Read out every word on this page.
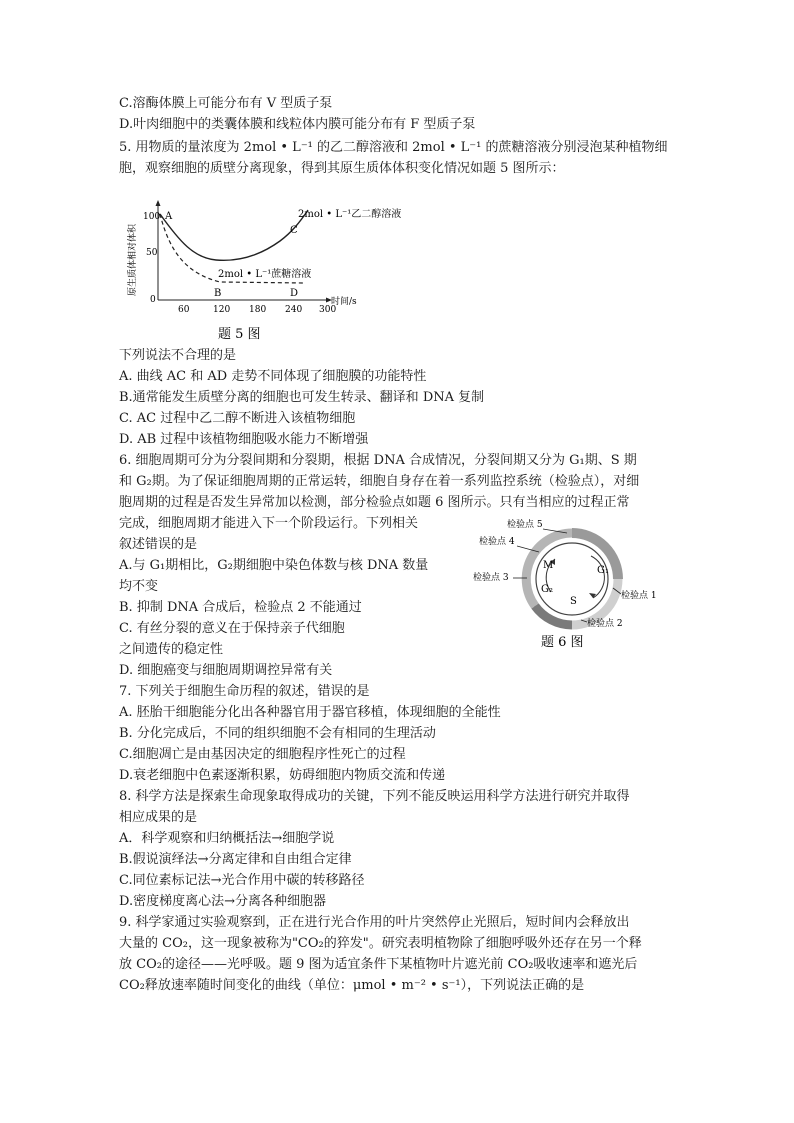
C.溶酶体膜上可能分布有 V 型质子泵
D.叶肉细胞中的类囊体膜和线粒体内膜可能分布有 F 型质子泵
5. 用物质的量浓度为 2mol • L⁻¹ 的乙二醇溶液和 2mol • L⁻¹ 的蔗糖溶液分别浸泡某种植物细
胞，观察细胞的质壁分离现象，得到其原生质体体积变化情况如题 5 图所示：
原生质体相对体积
100
50
0
60	120 180 240 300
时间/s
A
B
C
D
2mol • L⁻¹乙二醇溶液
2mol • L⁻¹蔗糖溶液
题 5 图
下列说法不合理的是
A. 曲线 AC 和 AD 走势不同体现了细胞膜的功能特性
B.通常能发生质壁分离的细胞也可发生转录、翻译和 DNA 复制
C. AC 过程中乙二醇不断进入该植物细胞
D. AB 过程中该植物细胞吸水能力不断增强
6. 细胞周期可分为分裂间期和分裂期，根据 DNA 合成情况，分裂间期又分为 G₁期、S 期
和 G₂期。为了保证细胞周期的正常运转，细胞自身存在着一系列监控系统（检验点），对细
胞周期的过程是否发生异常加以检测，部分检验点如题 6 图所示。只有当相应的过程正常
完成，细胞周期才能进入下一个阶段运行。下列相关
叙述错误的是
A.与 G₁期相比，G₂期细胞中染色体数与核 DNA 数量
均不变
B. 抑制 DNA 合成后，检验点 2 不能通过
C. 有丝分裂的意义在于保持亲子代细胞
之间遗传的稳定性
D. 细胞癌变与细胞周期调控异常有关
M	G₁
S
G₂
检验点 5
检验点 4
检验点 3
检验点 1
检验点 2
题 6 图
7. 下列关于细胞生命历程的叙述，错误的是
A. 胚胎干细胞能分化出各种器官用于器官移植，体现细胞的全能性
B. 分化完成后，不同的组织细胞不会有相同的生理活动
C.细胞凋亡是由基因决定的细胞程序性死亡的过程
D.衰老细胞中色素逐渐积累，妨碍细胞内物质交流和传递
8. 科学方法是探索生命现象取得成功的关键，下列不能反映运用科学方法进行研究并取得
相应成果的是
A．科学观察和归纳概括法→细胞学说
B.假说演绎法→分离定律和自由组合定律
C.同位素标记法→光合作用中碳的转移路径
D.密度梯度离心法→分离各种细胞器
9. 科学家通过实验观察到，正在进行光合作用的叶片突然停止光照后，短时间内会释放出
大量的 CO₂，这一现象被称为"CO₂的猝发"。研究表明植物除了细胞呼吸外还存在另一个释
放 CO₂的途径——光呼吸。题 9 图为适宜条件下某植物叶片遮光前 CO₂吸收速率和遮光后
CO₂释放速率随时间变化的曲线（单位：μmol • m⁻² • s⁻¹），下列说法正确的是
